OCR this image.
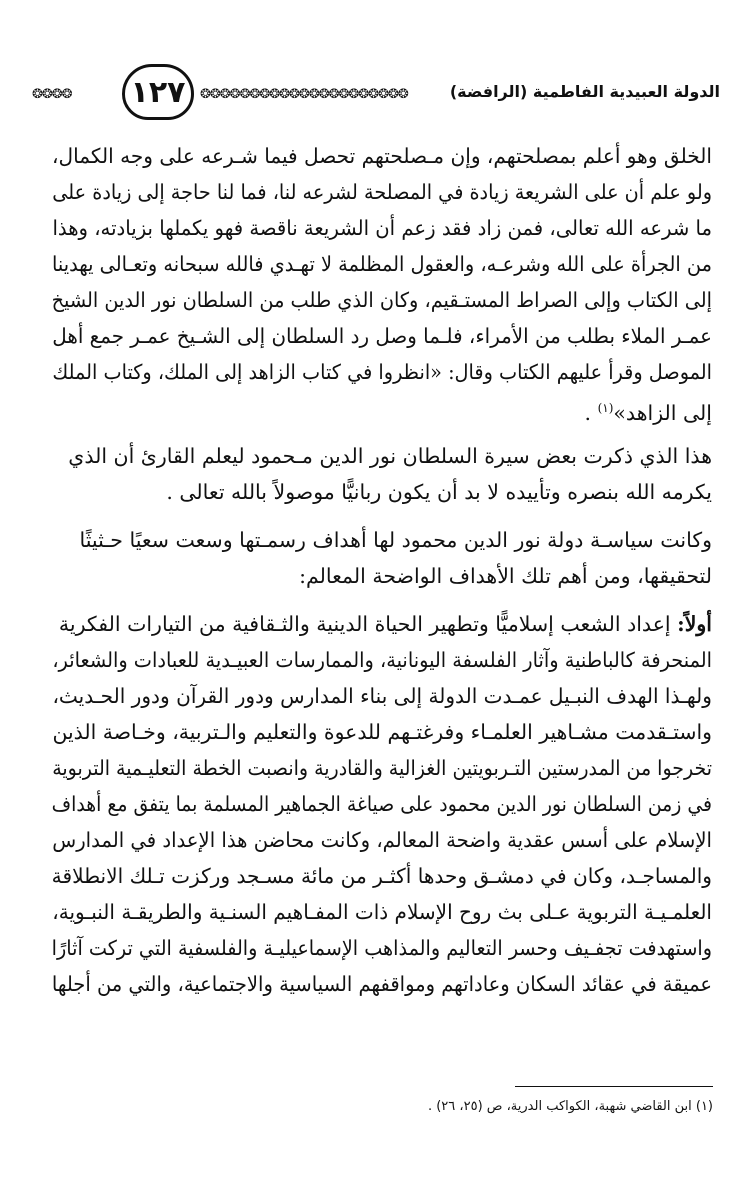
❂❂❂❂	١٢٧ ❂❂❂❂❂❂❂❂❂❂❂❂❂❂❂❂❂❂❂❂❂	الدولة العبيدية الفاطمية (الرافضة)
الخلق وهو أعلم بمصلحتهم، وإن مـصلحتهم تحصل فيما شـرعه على وجه الكمال،
ولو علم أن على الشريعة زيادة في المصلحة لشرعه لنا، فما لنا حاجة إلى زيادة على
ما شرعه الله تعالى، فمن زاد فقد زعم أن الشريعة ناقصة فهو يكملها بزيادته، وهذا
من الجرأة على الله وشرعـه، والعقول المظلمة لا تهـدي فالله سبحانه وتعـالى يهدينا
إلى الكتاب وإلى الصراط المستـقيم، وكان الذي طلب من السلطان نور الدين الشيخ
عمـر الملاء بطلب من الأمراء، فلـما وصل رد السلطان إلى الشـيخ عمـر جمع أهل
الموصل وقرأ عليهم الكتاب وقال: «انظروا في كتاب الزاهد إلى الملك، وكتاب الملك
إلى الزاهد»$^{(١)}$ .
هذا الذي ذكرت بعض سيرة السلطان نور الدين مـحمود ليعلم القارئ أن الذي
يكرمه الله بنصره وتأييده لا بد أن يكون ربانيًّا موصولاً بالله تعالى .
وكانت سياسـة دولة نور الدين محمود لها أهداف رسمـتها وسعت سعيًا حـثيثًا
لتحقيقها، ومن أهم تلك الأهداف الواضحة المعالم:
أولاً: إعداد الشعب إسلاميًّا وتطهير الحياة الدينية والثـقافية من التيارات الفكرية
المنحرفة كالباطنية وآثار الفلسفة اليونانية، والممارسات العبيـدية للعبادات والشعائر،
ولهـذا الهدف النبـيل عمـدت الدولة إلى بناء المدارس ودور القرآن ودور الحـديث،
واستـقدمت مشـاهير العلمـاء وفرغتـهم للدعوة والتعليم والـتربية، وخـاصة الذين
تخرجوا من المدرستين التـربويتين الغزالية والقادرية وانصبت الخطة التعليـمية التربوية
في زمن السلطان نور الدين محمود على صياغة الجماهير المسلمة بما يتفق مع أهداف
الإسلام على أسس عقدية واضحة المعالم، وكانت محاضن هذا الإعداد في المدارس
والمساجـد، وكان في دمشـق وحدها أكثـر من مائة مسـجد وركزت تـلك الانطلاقة
العلمـيـة التربوية عـلى بث روح الإسلام ذات المفـاهيم السنـية والطريقـة النبـوية،
واستهدفت تجفـيف وحسر التعاليم والمذاهب الإسماعيليـة والفلسفية التي تركت آثارًا
عميقة في عقائد السكان وعاداتهم ومواقفهم السياسية والاجتماعية، والتي من أجلها
(١) ابن القاضي شهبة، الكواكب الدرية، ص (٢٥، ٢٦) .
